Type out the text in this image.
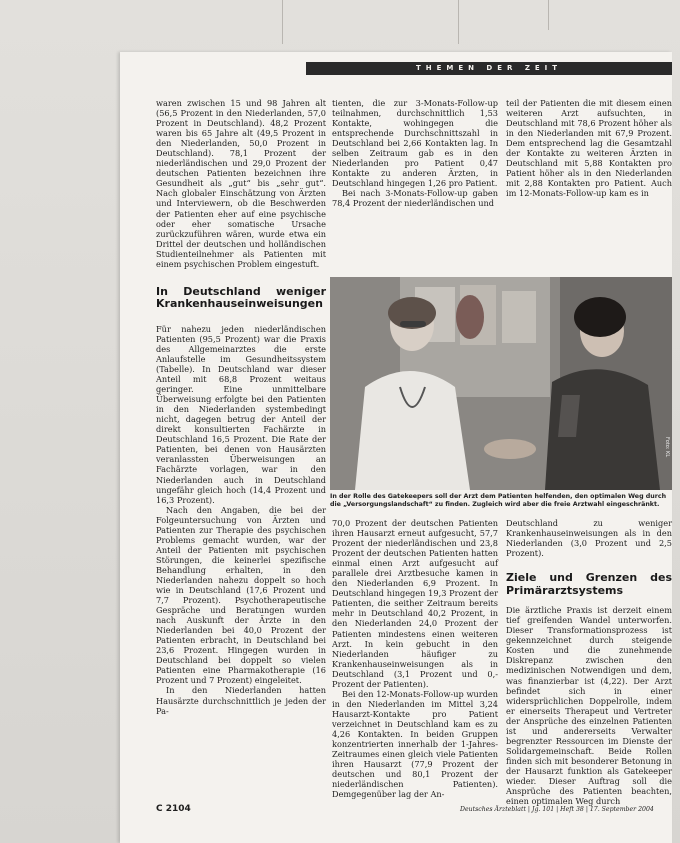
THEMEN DER ZEIT

waren zwischen 15 und 98 Jahren alt (56,5 Prozent in den Niederlanden, 57,0 Prozent in Deutschland). 48,2 Prozent waren bis 65 Jahre alt (49,5 Prozent in den Niederlanden, 50,0 Prozent in Deutschland). 78,1 Prozent der niederländischen und 29,0 Prozent der deutschen Patienten bezeichnen ihre Gesundheit als „gut“ bis „sehr gut“. Nach globaler Einschätzung von Ärzten und Interviewern, ob die Beschwerden der Patienten eher auf eine psychische oder eher somatische Ursache zurückzuführen wären, wurde etwa ein Drittel der deutschen und holländischen Studienteilnehmer als Patienten mit einem psychischen Problem eingestuft.

In Deutschland weniger Krankenhauseinweisungen

Für nahezu jeden niederländischen Patienten (95,5 Prozent) war die Praxis des Allgemeinarztes die erste Anlaufstelle im Gesundheitssystem (Tabelle). In Deutschland war dieser Anteil mit 68,8 Prozent weitaus geringer. Eine unmittelbare Überweisung erfolgte bei den Patienten in den Niederlanden systembedingt nicht, dagegen betrug der Anteil der direkt konsultierten Fachärzte in Deutschland 16,5 Prozent. Die Rate der Patienten, bei denen von Hausärzten veranlassten Überweisungen an Fachärzte vorlagen, war in den Niederlanden auch in Deutschland ungefähr gleich hoch (14,4 Prozent und 16,3 Prozent).

Nach den Angaben, die bei der Folgeuntersuchung von Ärzten und Patienten zur Therapie des psychischen Problems gemacht wurden, war der Anteil der Patienten mit psychischen Störungen, die keinerlei spezifische Behandlung erhalten, in den Niederlanden nahezu doppelt so hoch wie in Deutschland (17,6 Prozent und 7,7 Prozent). Psychotherapeutische Gespräche und Beratungen wurden nach Auskunft der Ärzte in den Niederlanden bei 40,0 Prozent der Patienten erbracht, in Deutschland bei 23,6 Prozent. Hingegen wurden in Deutschland bei doppelt so vielen Patienten eine Pharmakotherapie (16 Prozent und 7 Prozent) eingeleitet.

In den Niederlanden hatten Hausärzte durchschnittlich je jeden der Pa-

tienten, die zur 3-Monats-Follow-up teilnahmen, durchschnittlich 1,53 Kontakte, wohingegen die entsprechende Durchschnittszahl in Deutschland bei 2,66 Kontakten lag. In selben Zeitraum gab es in den Niederlanden pro Patient 0,47 Kontakte zu anderen Ärzten, in Deutschland hingegen 1,26 pro Patient.

Bei nach 3-Monats-Follow-up gaben 78,4 Prozent der niederländischen und

teil der Patienten die mit diesem einen weiteren Arzt aufsuchten, in Deutschland mit 78,6 Prozent höher als in den Niederlanden mit 67,9 Prozent. Dem entsprechend lag die Gesamtzahl der Kontakte zu weiteren Ärzten in Deutschland mit 5,88 Kontakten pro Patient höher als in den Niederlanden mit 2,88 Kontakten pro Patient. Auch im 12-Monats-Follow-up kam es in

Foto: KL
In der Rolle des Gatekeepers soll der Arzt dem Patienten helfenden, den optimalen Weg durch die „Versorgungslandschaft“ zu finden. Zugleich wird aber die freie Arztwahl eingeschränkt.

70,0 Prozent der deutschen Patienten ihren Hausarzt erneut aufgesucht, 57,7 Prozent der niederländischen und 23,8 Prozent der deutschen Patienten hatten einmal einen Arzt aufgesucht auf parallele drei Arztbesuche kamen in den Niederlanden 6,9 Prozent. In Deutschland hingegen 19,3 Prozent der Patienten, die seither Zeitraum bereits mehr in Deutschland 40,2 Prozent, in den Niederlanden 24,0 Prozent der Patienten mindestens einen weiteren Arzt. In kein gebucht in den Niederlanden häufiger zu Krankenhauseinweisungen als in Deutschland (3,1 Prozent und 0,- Prozent der Patienten).

Bei den 12-Monats-Follow-up wurden in den Niederlanden im Mittel 3,24 Hausarzt-Kontakte pro Patient verzeichnet in Deutschland kam es zu 4,26 Kontakten. In beiden Gruppen konzentrierten innerhalb der 1-Jahres-Zeitraumes einen gleich viele Patienten ihren Hausarzt (77,9 Prozent der deutschen und 80,1 Prozent der niederländischen Patienten). Demgegenüber lag der An-

Deutschland zu weniger Krankenhauseinweisungen als in den Niederlanden (3,0 Prozent und 2,5 Prozent).

Ziele und Grenzen des Primärarztsystems

Die ärztliche Praxis ist derzeit einem tief greifenden Wandel unterworfen. Dieser Transformationsprozess ist gekennzeichnet durch steigende Kosten und die zunehmende Diskrepanz zwischen den medizinischen Notwendigen und dem, was finanzierbar ist (4,22). Der Arzt befindet sich in einer widersprüchlichen Doppelrolle, indem er einerseits Therapeut und Vertreter der Ansprüche des einzelnen Patienten ist und andererseits Verwalter begrenzter Ressourcen im Dienste der Solidargemeinschaft. Beide Rollen finden sich mit besonderer Betonung in der Hausarzt funktion als Gatekeeper wieder. Dieser Auftrag soll die Ansprüche des Patienten beachten, einen optimalen Weg durch

C 2104	Deutsches Ärzteblatt | Jg. 101 | Heft 38 | 17. September 2004
